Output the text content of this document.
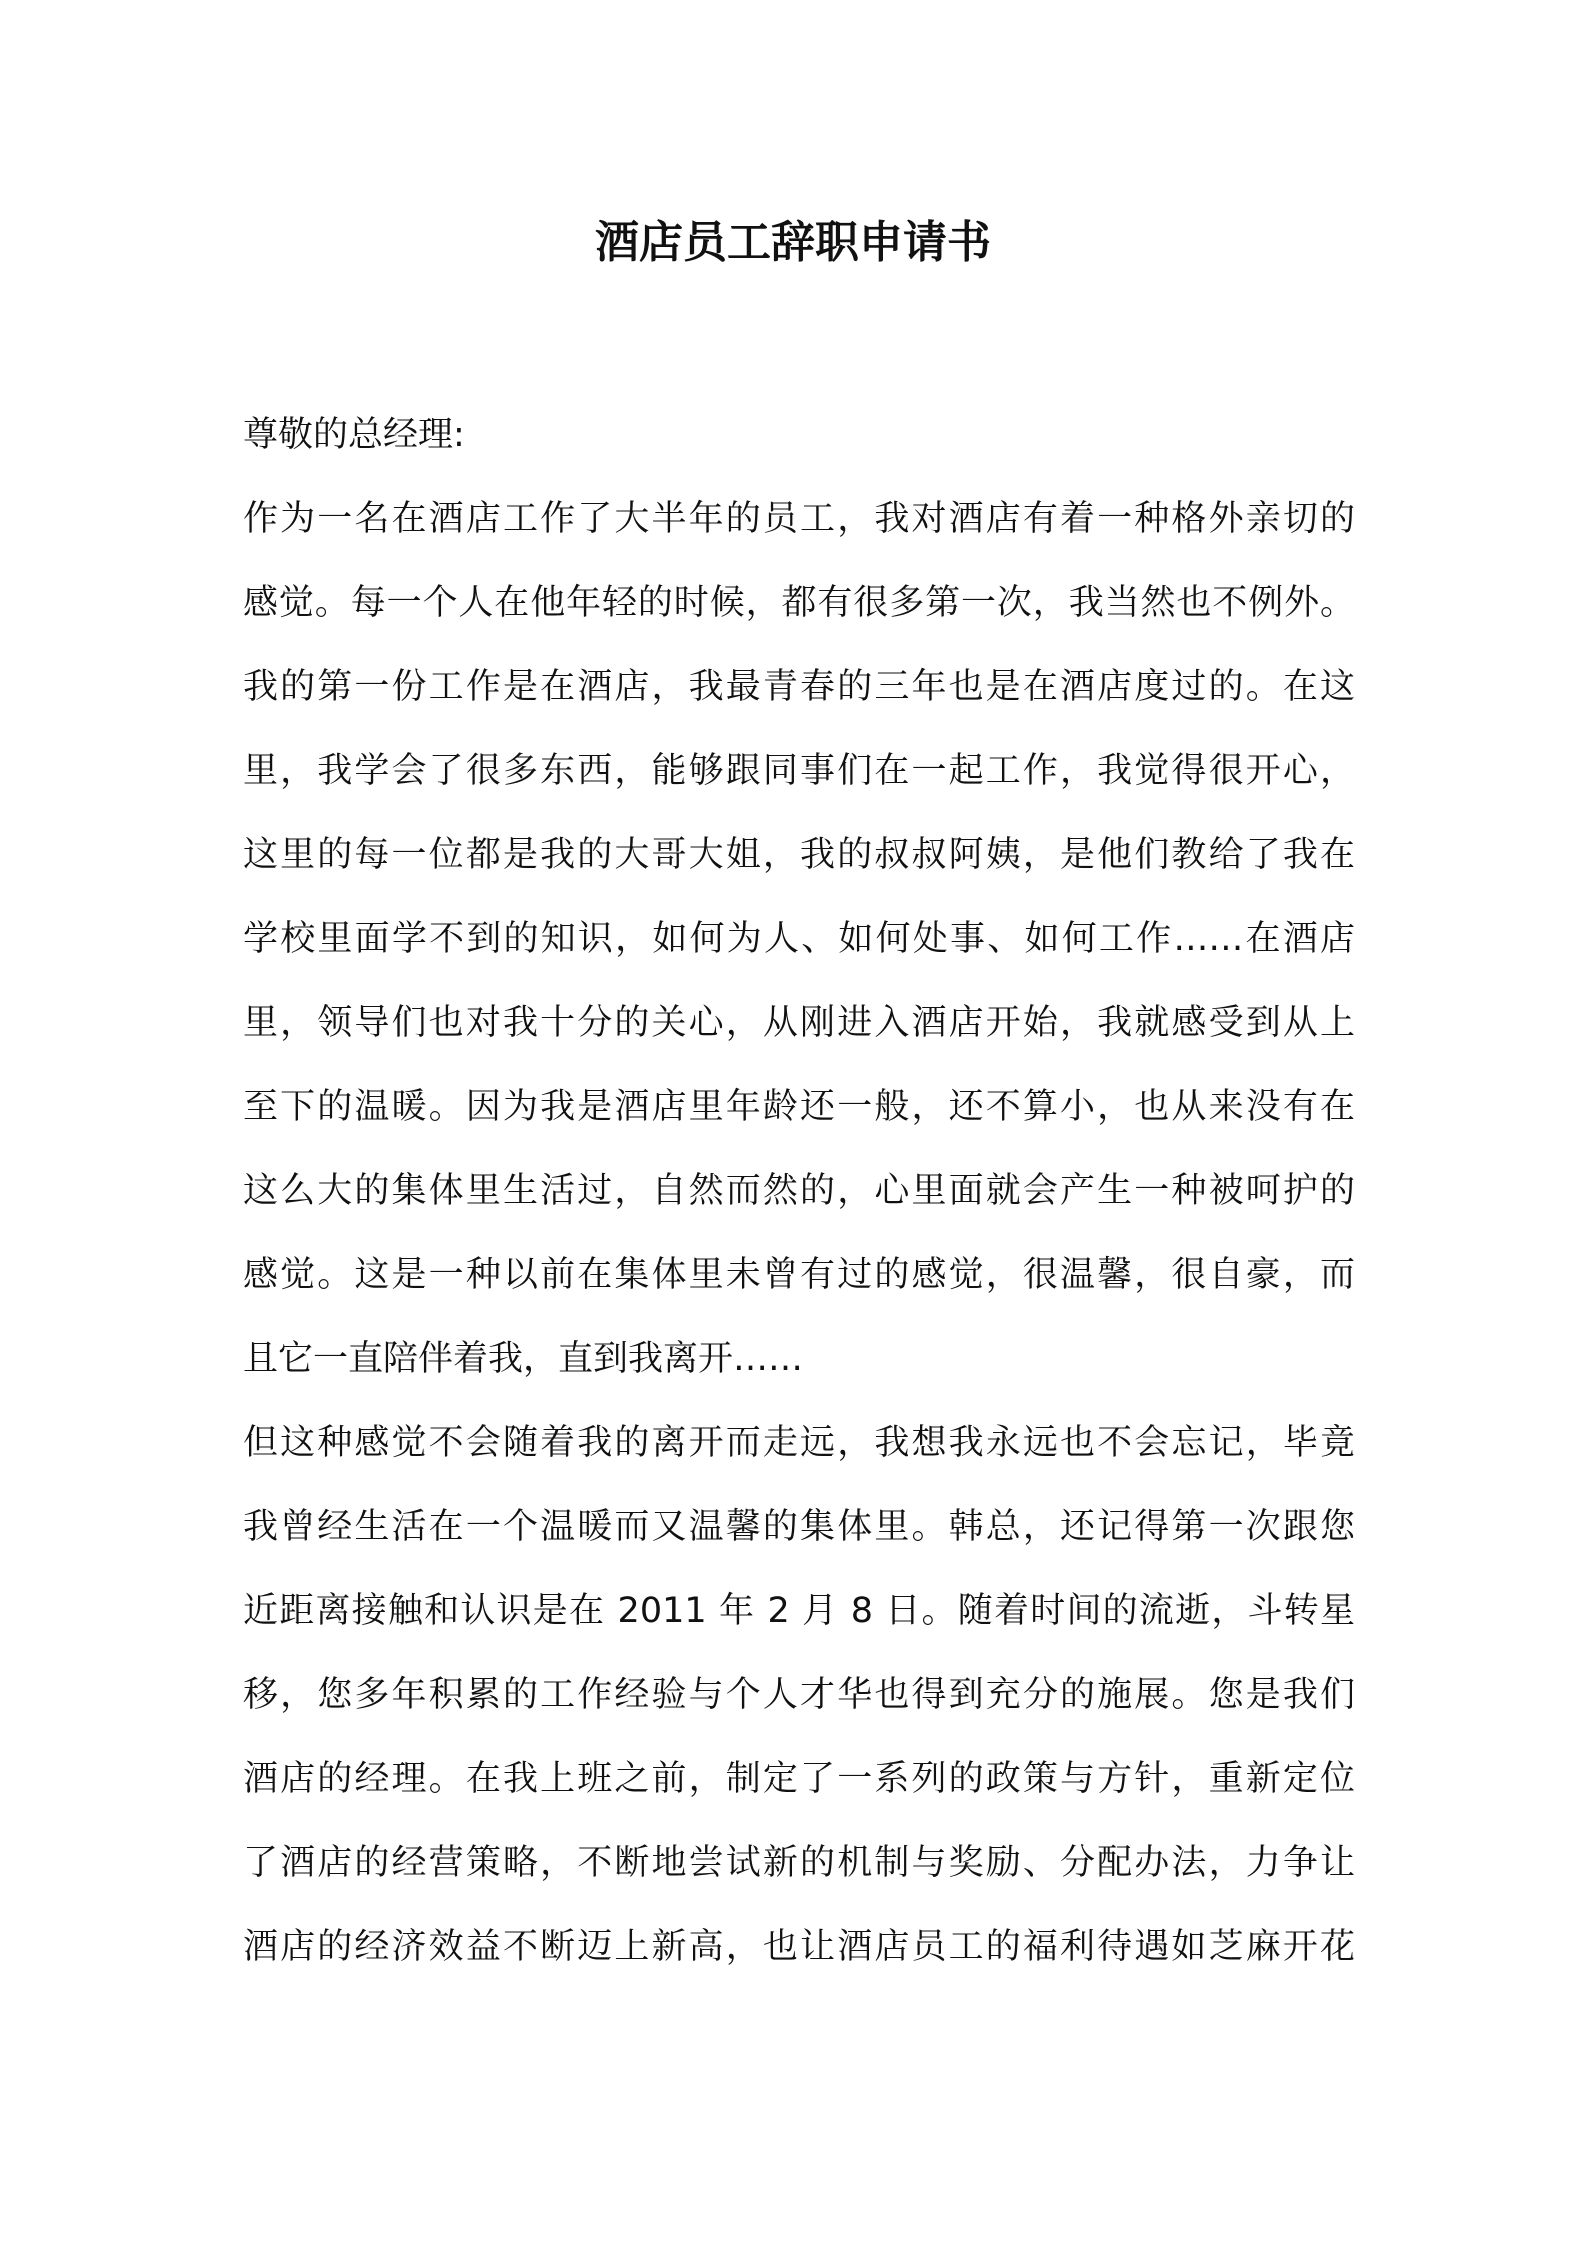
酒店员工辞职申请书
尊敬的总经理:
作为一名在酒店工作了大半年的员工，我对酒店有着一种格外亲切的
感觉。每一个人在他年轻的时候，都有很多第一次，我当然也不例外。
我的第一份工作是在酒店，我最青春的三年也是在酒店度过的。在这
里，我学会了很多东西，能够跟同事们在一起工作，我觉得很开心，
这里的每一位都是我的大哥大姐，我的叔叔阿姨，是他们教给了我在
学校里面学不到的知识，如何为人、如何处事、如何工作……在酒店
里，领导们也对我十分的关心，从刚进入酒店开始，我就感受到从上
至下的温暖。因为我是酒店里年龄还一般，还不算小，也从来没有在
这么大的集体里生活过，自然而然的，心里面就会产生一种被呵护的
感觉。这是一种以前在集体里未曾有过的感觉，很温馨，很自豪，而
且它一直陪伴着我，直到我离开……
但这种感觉不会随着我的离开而走远，我想我永远也不会忘记，毕竟
我曾经生活在一个温暖而又温馨的集体里。韩总，还记得第一次跟您
近距离接触和认识是在 2011 年 2 月 8 日。随着时间的流逝，斗转星
移，您多年积累的工作经验与个人才华也得到充分的施展。您是我们
酒店的经理。在我上班之前，制定了一系列的政策与方针，重新定位
了酒店的经营策略，不断地尝试新的机制与奖励、分配办法，力争让
酒店的经济效益不断迈上新高，也让酒店员工的福利待遇如芝麻开花
